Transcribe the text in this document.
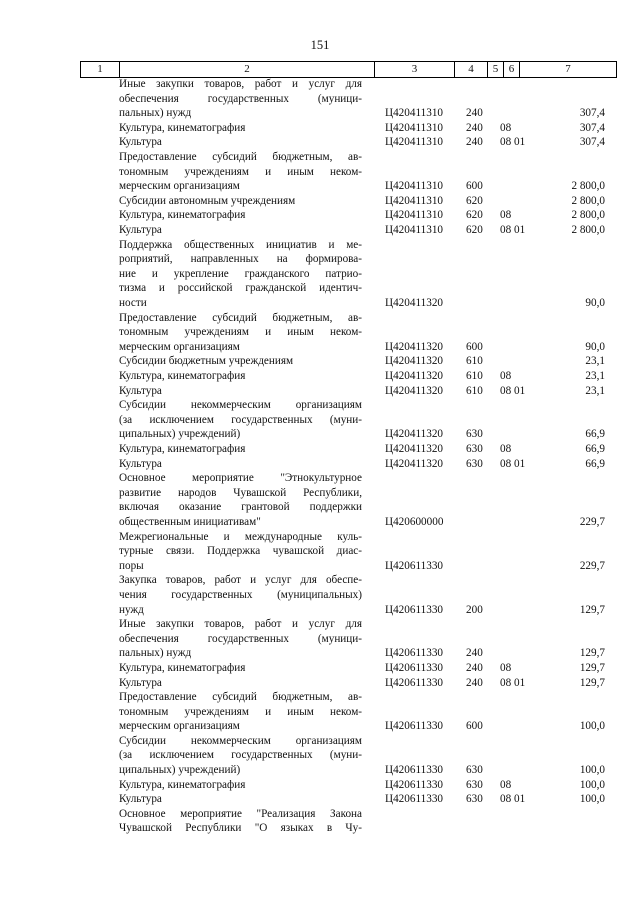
151
1	2	3	4	5 6	7
Иные закупки товаров, работ и услуг для
обеспечения государственных (муници-
пальных) нужд	Ц420411310 240	307,4
Культура, кинематография	Ц420411310 240 08	307,4
Культура	Ц420411310 240 08 01	307,4
Предоставление субсидий бюджетным, ав-
тономным учреждениям и иным неком-
мерческим организациям	Ц420411310 600	2 800,0
Субсидии автономным учреждениям	Ц420411310 620	2 800,0
Культура, кинематография	Ц420411310 620 08	2 800,0
Культура	Ц420411310 620 08 01	2 800,0
Поддержка общественных инициатив и ме-
роприятий, направленных на формирова-
ние и укрепление гражданского патрио-
тизма и российской гражданской идентич-
ности	Ц420411320	90,0
Предоставление субсидий бюджетным, ав-
тономным учреждениям и иным неком-
мерческим организациям	Ц420411320 600	90,0
Субсидии бюджетным учреждениям	Ц420411320 610	23,1
Культура, кинематография	Ц420411320 610 08	23,1
Культура	Ц420411320 610 08 01	23,1
Субсидии некоммерческим организациям
(за исключением государственных (муни-
ципальных) учреждений)	Ц420411320 630	66,9
Культура, кинематография	Ц420411320 630 08	66,9
Культура	Ц420411320 630 08 01	66,9
Основное мероприятие "Этнокультурное
развитие народов Чувашской Республики,
включая оказание грантовой поддержки
общественным инициативам"	Ц420600000	229,7
Межрегиональные и международные куль-
турные связи. Поддержка чувашской диас-
поры	Ц420611330	229,7
Закупка товаров, работ и услуг для обеспе-
чения государственных (муниципальных)
нужд	Ц420611330 200	129,7
Иные закупки товаров, работ и услуг для
обеспечения государственных (муници-
пальных) нужд	Ц420611330 240	129,7
Культура, кинематография	Ц420611330 240 08	129,7
Культура	Ц420611330 240 08 01	129,7
Предоставление субсидий бюджетным, ав-
тономным учреждениям и иным неком-
мерческим организациям	Ц420611330 600	100,0
Субсидии некоммерческим организациям
(за исключением государственных (муни-
ципальных) учреждений)	Ц420611330 630	100,0
Культура, кинематография	Ц420611330 630 08	100,0
Культура	Ц420611330 630 08 01	100,0
Основное мероприятие "Реализация Закона
Чувашской Республики "О языках в Чу-
